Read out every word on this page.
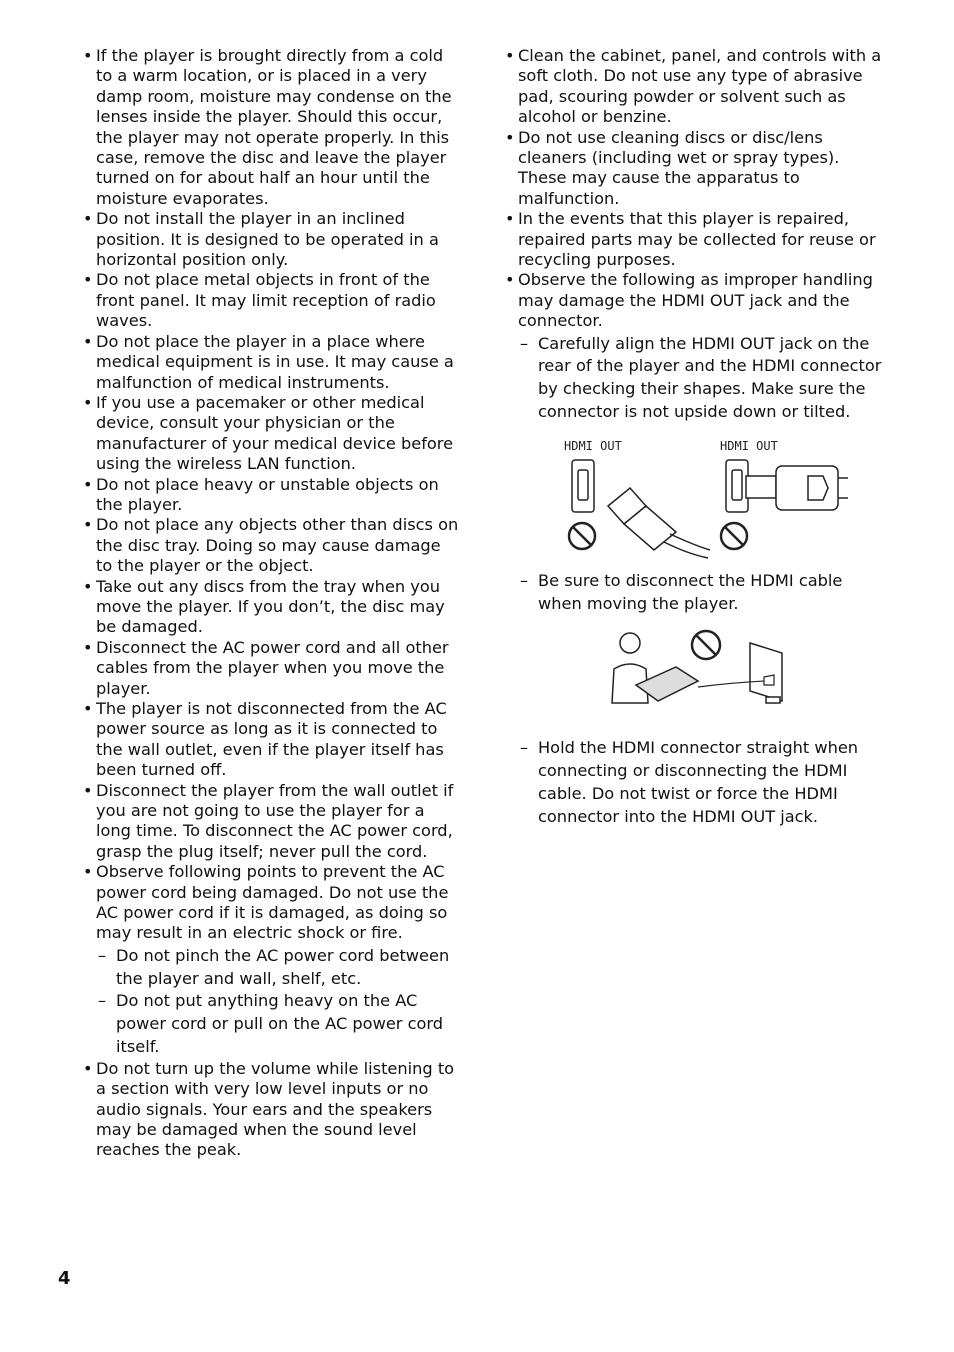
• If the player is brought directly from a cold to a warm location, or is placed in a very damp room, moisture may condense on the lenses inside the player. Should this occur, the player may not operate properly. In this case, remove the disc and leave the player turned on for about half an hour until the moisture evaporates.
• Do not install the player in an inclined position. It is designed to be operated in a horizontal position only.
• Do not place metal objects in front of the front panel. It may limit reception of radio waves.
• Do not place the player in a place where medical equipment is in use. It may cause a malfunction of medical instruments.
• If you use a pacemaker or other medical device, consult your physician or the manufacturer of your medical device before using the wireless LAN function.
• Do not place heavy or unstable objects on the player.
• Do not place any objects other than discs on the disc tray. Doing so may cause damage to the player or the object.
• Take out any discs from the tray when you move the player. If you don’t, the disc may be damaged.
• Disconnect the AC power cord and all other cables from the player when you move the player.
• The player is not disconnected from the AC power source as long as it is connected to the wall outlet, even if the player itself has been turned off.
• Disconnect the player from the wall outlet if you are not going to use the player for a long time. To disconnect the AC power cord, grasp the plug itself; never pull the cord.
• Observe following points to prevent the AC power cord being damaged. Do not use the AC power cord if it is damaged, as doing so may result in an electric shock or fire.
– Do not pinch the AC power cord between the player and wall, shelf, etc.
– Do not put anything heavy on the AC power cord or pull on the AC power cord itself.
• Do not turn up the volume while listening to a section with very low level inputs or no audio signals. Your ears and the speakers may be damaged when the sound level reaches the peak.
• Clean the cabinet, panel, and controls with a soft cloth. Do not use any type of abrasive pad, scouring powder or solvent such as alcohol or benzine.
• Do not use cleaning discs or disc/lens cleaners (including wet or spray types). These may cause the apparatus to malfunction.
• In the events that this player is repaired, repaired parts may be collected for reuse or recycling purposes.
• Observe the following as improper handling may damage the HDMI OUT jack and the connector.
– Carefully align the HDMI OUT jack on the rear of the player and the HDMI connector by checking their shapes. Make sure the connector is not upside down or tilted.
HDMI OUT	HDMI OUT
– Be sure to disconnect the HDMI cable when moving the player.
– Hold the HDMI connector straight when connecting or disconnecting the HDMI cable. Do not twist or force the HDMI connector into the HDMI OUT jack.
4
